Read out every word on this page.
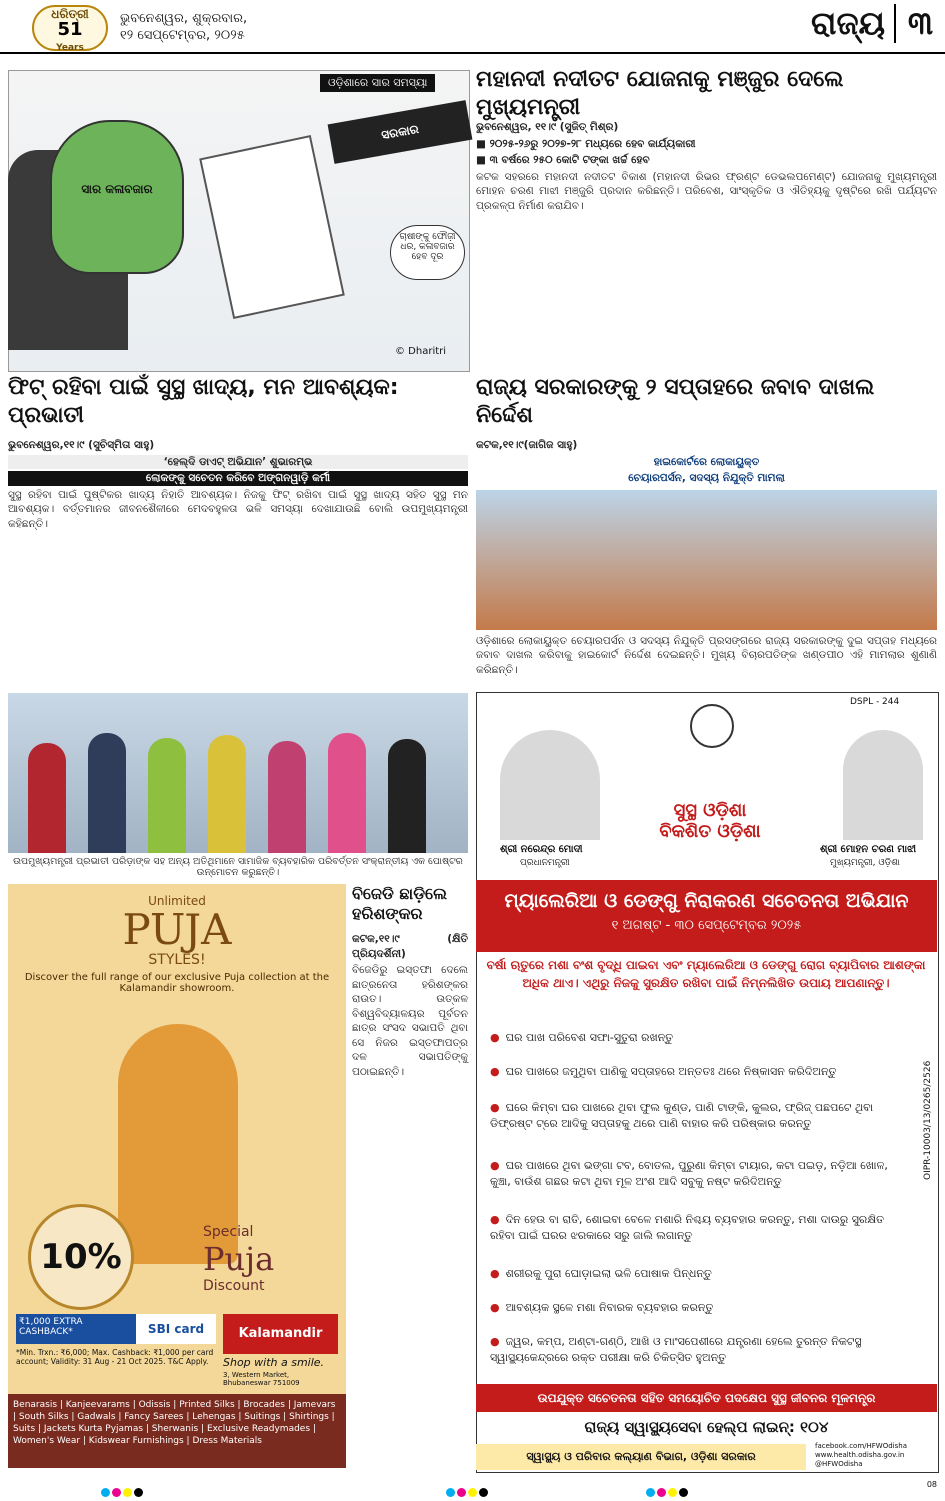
ଧରିତ୍ରୀ
51
Years
ଭୁବନେଶ୍ୱର, ଶୁକ୍ରବାର,
୧୨ ସେପ୍ଟେମ୍ବର, ୨୦୨୫	ରାଜ୍ୟ ୩
ସାର କଳାବଜାର
ସରକାର
ଓଡ଼ିଶାରେ ସାର ସମସ୍ୟା
ଚାଷୀଙ୍କୁ ଫୌଜ଼ୀ ଧର, କଳାବଜାର ହେବ ଦୂର
© Dharitri
ମହାନଦୀ ନଦୀତଟ ଯୋଜନାକୁ ମଞ୍ଜୁର ଦେଲେ ମୁଖ୍ୟମନ୍ତ୍ରୀ

ଭୁବନେଶ୍ୱର, ୧୧।୯ (ସୁଜିତ୍ ମିଶ୍ର)

■ ୨୦୨୫-୨୬ରୁ ୨୦୨୭-୨୮ ମଧ୍ୟରେ ହେବ କାର୍ଯ୍ୟକାରୀ

■ ୩ ବର୍ଷରେ ୨୫୦ କୋଟି ଟଙ୍କା ଖର୍ଚ୍ଚ ହେବ

କଟକ ସହରରେ ମହାନଦୀ ନଦୀତଟ ବିକାଶ (ମହାନଦୀ ରିଭର ଫ୍ରଣ୍ଟ ଡେଭଲପମେଣ୍ଟ) ଯୋଜନାକୁ ମୁଖ୍ୟମନ୍ତ୍ରୀ ମୋହନ ଚରଣ ମାଝୀ ମଞ୍ଜୁରି ପ୍ରଦାନ କରିଛନ୍ତି। ପରିବେଶ, ସାଂସ୍କୃତିକ ଓ ଐତିହ୍ୟକୁ ଦୃଷ୍ଟିରେ ରଖି ପର୍ଯ୍ୟଟନ ପ୍ରକଳ୍ପ ନିର୍ମାଣ କରାଯିବ।

ଫିଟ୍ ରହିବା ପାଇଁ ସୁସ୍ଥ ଖାଦ୍ୟ, ମନ ଆବଶ୍ୟକ: ପ୍ରଭାତୀ

ଭୁବନେଶ୍ୱର,୧୧।୯ (ସୁଚିସ୍ମିତା ସାହୁ)

‘ହେଲ୍‌ଦି ଡାଏଟ୍ ଅଭିଯାନ’ ଶୁଭାରମ୍ଭ

ଲୋକଙ୍କୁ ସଚେତନ କରିବେ ଅଙ୍ଗନୱାଡ଼ି କର୍ମୀ

ସୁସ୍ଥ ରହିବା ପାଇଁ ପୁଷ୍ଟିକର ଖାଦ୍ୟ ନିହାତି ଆବଶ୍ୟକ। ନିଜକୁ ଫିଟ୍ ରଖିବା ପାଇଁ ସୁସ୍ଥ ଖାଦ୍ୟ ସହିତ ସୁସ୍ଥ ମନ ଆବଶ୍ୟକ। ବର୍ତ୍ତମାନର ଜୀବନଶୈଳୀରେ ମେଦବହୁଳତା ଭଳି ସମସ୍ୟା ଦେଖାଯାଉଛି ବୋଲି ଉପମୁଖ୍ୟମନ୍ତ୍ରୀ କହିଛନ୍ତି।

ଉପମୁଖ୍ୟମନ୍ତ୍ରୀ ପ୍ରଭାତୀ ପରିଡ଼ାଙ୍କ ସହ ଅନ୍ୟ ଅତିଥିମାନେ ସାମାଜିକ ବ୍ୟବହାରିକ ପରିବର୍ତ୍ତନ ସଂକ୍ରାନ୍ତୀୟ ଏକ ପୋଷ୍ଟର ଉନ୍ମୋଚନ କରୁଛନ୍ତି।
ରାଜ୍ୟ ସରକାରଙ୍କୁ ୨ ସପ୍ତାହରେ ଜବାବ ଦାଖଲ ନିର୍ଦ୍ଦେଶ

କଟକ,୧୧।୯(ଜାଗିଜ ସାହୁ)

ହାଇକୋର୍ଟରେ ଲୋକାୟୁକ୍ତ

ଚେୟାରପର୍ସନ, ସଦସ୍ୟ ନିଯୁକ୍ତି ମାମଲା

ଓଡ଼ିଶାରେ ଲୋକାୟୁକ୍ତ ଚେୟାରପର୍ସନ ଓ ସଦସ୍ୟ ନିଯୁକ୍ତି ପ୍ରସଙ୍ଗରେ ରାଜ୍ୟ ସରକାରଙ୍କୁ ଦୁଇ ସପ୍ତାହ ମଧ୍ୟରେ ଜବାବ ଦାଖଲ କରିବାକୁ ହାଇକୋର୍ଟ ନିର୍ଦ୍ଦେଶ ଦେଇଛନ୍ତି। ମୁଖ୍ୟ ବିଚାରପତିଙ୍କ ଖଣ୍ଡପୀଠ ଏହି ମାମଲାର ଶୁଣାଣି କରିଛନ୍ତି।

ବିଜେଡି ଛାଡ଼ିଲେ ହରିଶଙ୍କର

କଟକ,୧୧।୯ (କ୍ଷିତି ପ୍ରିୟଦର୍ଶିନୀ)

ବିଜେଡିରୁ ଇସ୍ତଫା ଦେଲେ ଛାତ୍ରନେତା ହରିଶଙ୍କର ରାଉତ। ଉତ୍କଳ ବିଶ୍ୱବିଦ୍ୟାଳୟର ପୂର୍ବତନ ଛାତ୍ର ସଂସଦ ସଭାପତି ଥିବା ସେ ନିଜର ଇସ୍ତଫାପତ୍ର ଦଳ ସଭାପତିଙ୍କୁ ପଠାଇଛନ୍ତି।

Unlimited
PUJA
STYLES!
Discover the full range of our exclusive Puja collection at the Kalamandir showroom.
10%
Special
Puja
Discount
₹1,000 EXTRA CASHBACK*	SBI card	Kalamandir
Shop with a smile.
3, Western Market, Bhubaneswar 751009
*Min. Trxn.: ₹6,000; Max. Cashback: ₹1,000 per card account; Validity: 31 Aug - 21 Oct 2025. T&C Apply.
Benarasis | Kanjeevarams | Odissis | Printed Silks | Brocades | Jamevars | South Silks | Gadwals | Fancy Sarees | Lehengas | Suitings | Shirtings | Suits | Jackets Kurta Pyjamas | Sherwanis | Exclusive Readymades | Women's Wear | Kidswear Furnishings | Dress Materials
DSPL - 244
ଶ୍ରୀ ନରେନ୍ଦ୍ର ମୋଦୀ
ପ୍ରଧାନମନ୍ତ୍ରୀ
ଶ୍ରୀ ମୋହନ ଚରଣ ମାଝୀ
ମୁଖ୍ୟମନ୍ତ୍ରୀ, ଓଡ଼ିଶା
ସୁସ୍ଥ ଓଡ଼ିଶା
ବିକଶିତ ଓଡ଼ିଶା
ମ୍ୟାଲେରିଆ ଓ ଡେଙ୍ଗୁ ନିରାକରଣ ସଚେତନତା ଅଭିଯାନ
୧ ଅଗଷ୍ଟ - ୩୦ ସେପ୍ଟେମ୍ବର ୨୦୨୫
ବର୍ଷା ଋତୁରେ ମଶା ବଂଶ ବୃଦ୍ଧି ପାଇବା ଏବଂ ମ୍ୟାଲେରିଆ ଓ ଡେଙ୍ଗୁ ରୋଗ ବ୍ୟାପିବାର ଆଶଙ୍କା ଅଧିକ ଥାଏ। ଏଥିରୁ ନିଜକୁ ସୁରକ୍ଷିତ ରଖିବା ପାଇଁ ନିମ୍ନଲିଖିତ ଉପାୟ ଆପଣାନ୍ତୁ।
● ଘର ପାଖ ପରିବେଶ ସଫା-ସୁତୁରା ରଖନ୍ତୁ
● ଘର ପାଖରେ ଜମୁଥିବା ପାଣିକୁ ସପ୍ତାହରେ ଅନ୍ତତଃ ଥରେ ନିଷ୍କାସନ କରିଦିଅନ୍ତୁ
● ଘରେ କିମ୍ବା ଘର ପାଖରେ ଥିବା ଫୁଲ କୁଣ୍ଡ, ପାଣି ଟାଙ୍କି, କୁଲର, ଫ୍ରିଜ୍ ପଛପଟେ ଥିବା ଡିଫ୍ରଷ୍ଟ ଟ୍ରେ ଆଦିକୁ ସପ୍ତାହକୁ ଥରେ ପାଣି ବାହାର କରି ପରିଷ୍କାର କରନ୍ତୁ
● ଘର ପାଖରେ ଥିବା ଭଙ୍ଗା ଟବ, ବୋତଲ, ପୁରୁଣା କିମ୍ବା ଟାୟାର, କଟା ପଇଡ଼, ନଡ଼ିଆ ଖୋଳ, କୁଞ୍ଚା, ବାଉଁଶ ଗଛର କଟା ଥିବା ମୂଳ ଅଂଶ ଆଦି ସବୁକୁ ନଷ୍ଟ କରିଦିଅନ୍ତୁ
● ଦିନ ହେଉ ବା ରାତି, ଶୋଇବା ବେଳେ ମଶାରି ନିଶ୍ଚୟ ବ୍ୟବହାର କରନ୍ତୁ, ମଶା ଦାଉରୁ ସୁରକ୍ଷିତ ରହିବା ପାଇଁ ଘରର ଝରକାରେ ସରୁ ଜାଲି ଲଗାନ୍ତୁ
● ଶରୀରକୁ ପୁରା ଘୋଡ଼ାଇଲା ଭଳି ପୋଷାକ ପିନ୍ଧନ୍ତୁ
● ଆବଶ୍ୟକ ସ୍ଥଳେ ମଶା ନିବାରକ ବ୍ୟବହାର କରନ୍ତୁ
● ଜ୍ୱର, କମ୍ପ, ଅଣ୍ଟା-ଗଣ୍ଠି, ଆଖି ଓ ମାଂସପେଶୀରେ ଯନ୍ତ୍ରଣା ହେଲେ ତୁରନ୍ତ ନିକଟସ୍ଥ ସ୍ୱାସ୍ଥ୍ୟକେନ୍ଦ୍ରରେ ରକ୍ତ ପରୀକ୍ଷା କରି ଚିକିତ୍ସିତ ହୁଅନ୍ତୁ
ଉପଯୁକ୍ତ ସଚେତନତା ସହିତ ସମୟୋଚିତ ପଦକ୍ଷେପ ସୁସ୍ଥ ଜୀବନର ମୂଳମନ୍ତ୍ର
ରାଜ୍ୟ ସ୍ୱାସ୍ଥ୍ୟସେବା ହେଲ୍ପ ଲାଇନ୍: ୧୦୪
ସ୍ୱାସ୍ଥ୍ୟ ଓ ପରିବାର କଲ୍ୟାଣ ବିଭାଗ, ଓଡ଼ିଶା ସରକାର
facebook.com/HFWOdisha
www.health.odisha.gov.in
@HFWOdisha
OIPR-10003/13/0265/2526
08
